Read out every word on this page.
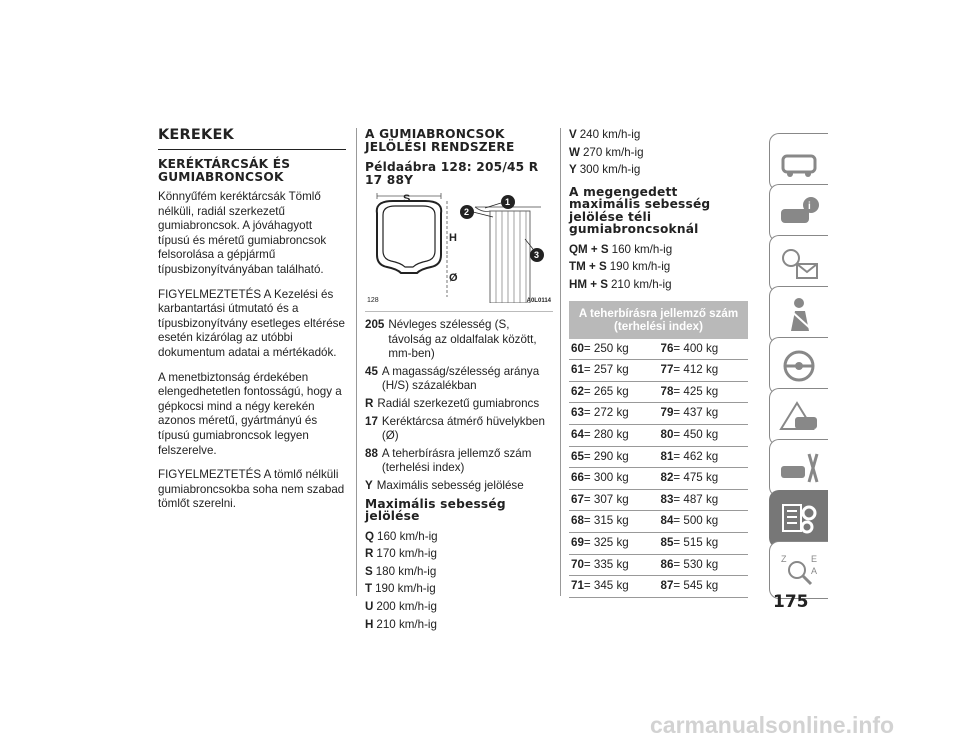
KEREKEK
KERÉKTÁRCSÁK ÉS GUMIABRONCSOK

Könnyűfém keréktárcsák Tömlő nélküli, radiál szerkezetű gumiabroncsok. A jóváhagyott típusú és méretű gumiabroncsok felsorolása a gépjármű típusbizonyítványában található.

FIGYELMEZTETÉS A Kezelési és karbantartási útmutató és a típusbizonyítvány esetleges eltérése esetén kizárólag az utóbbi dokumentum adatai a mértékadók.

A menetbiztonság érdekében elengedhetetlen fontosságú, hogy a gépkocsi mind a négy kerekén azonos méretű, gyártmányú és típusú gumiabroncsok legyen felszerelve.

FIGYELMEZTETÉS A tömlő nélküli gumiabroncsokba soha nem szabad tömlőt szerelni.

A GUMIABRONCSOK JELÖLÉSI RENDSZERE
Példaábra 128: 205/45 R 17 88Y
S
H
Ø
1
2
3
128	A0L0114
205 Névleges szélesség (S, távolság az oldalfalak között, mm-ben)
45 A magasság/szélesség aránya (H/S) százalékban
R Radiál szerkezetű gumiabroncs
17 Keréktárcsa átmérő hüvelykben (Ø)
88 A teherbírásra jellemző szám (terhelési index)
Y Maximális sebesség jelölése
Maximális sebesség jelölése
Q 160 km/h-ig
R 170 km/h-ig
S 180 km/h-ig
T 190 km/h-ig
U 200 km/h-ig
H 210 km/h-ig
V 240 km/h-ig
W 270 km/h-ig
Y 300 km/h-ig
A megengedett maximális sebesség jelölése téli gumiabroncsoknál
QM + S 160 km/h-ig
TM + S 190 km/h-ig
HM + S 210 km/h-ig
A teherbírásra jellemző szám (terhelési index)
60= 250 kg	76= 400 kg
61= 257 kg	77= 412 kg
62= 265 kg	78= 425 kg
63= 272 kg	79= 437 kg
64= 280 kg	80= 450 kg
65= 290 kg	81= 462 kg
66= 300 kg	82= 475 kg
67= 307 kg	83= 487 kg
68= 315 kg	84= 500 kg
69= 325 kg	85= 515 kg
70= 335 kg	86= 530 kg
71= 345 kg	87= 545 kg
i
Z	E
A
175
carmanualsonline.info
